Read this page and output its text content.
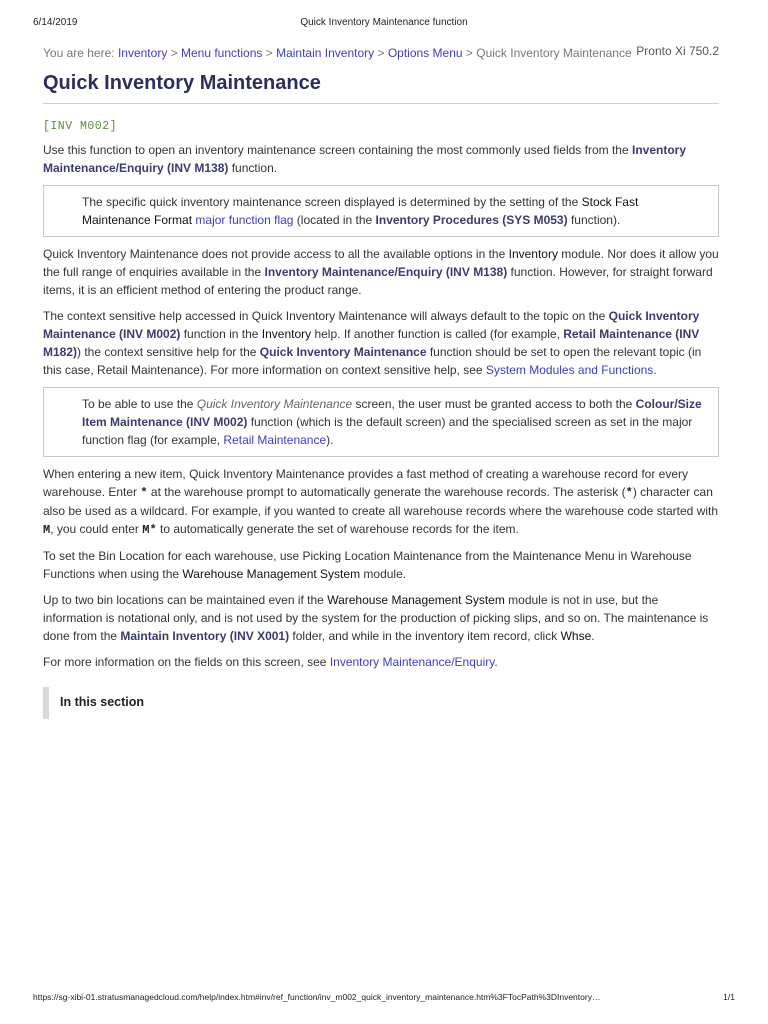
6/14/2019	Quick Inventory Maintenance function
You are here: Inventory > Menu functions > Maintain Inventory > Options Menu > Quick Inventory Maintenance Pronto Xi 750.2
Quick Inventory Maintenance
[INV M002]

Use this function to open an inventory maintenance screen containing the most commonly used fields from the Inventory Maintenance/Enquiry (INV M138) function.

The specific quick inventory maintenance screen displayed is determined by the setting of the Stock Fast Maintenance Format major function flag (located in the Inventory Procedures (SYS M053) function).

Quick Inventory Maintenance does not provide access to all the available options in the Inventory module. Nor does it allow you the full range of enquiries available in the Inventory Maintenance/Enquiry (INV M138) function. However, for straight forward items, it is an efficient method of entering the product range.

The context sensitive help accessed in Quick Inventory Maintenance will always default to the topic on the Quick Inventory Maintenance (INV M002) function in the Inventory help. If another function is called (for example, Retail Maintenance (INV M182)) the context sensitive help for the Quick Inventory Maintenance function should be set to open the relevant topic (in this case, Retail Maintenance). For more information on context sensitive help, see System Modules and Functions.

To be able to use the Quick Inventory Maintenance screen, the user must be granted access to both the Colour/Size Item Maintenance (INV M002) function (which is the default screen) and the specialised screen as set in the major function flag (for example, Retail Maintenance).

When entering a new item, Quick Inventory Maintenance provides a fast method of creating a warehouse record for every warehouse. Enter * at the warehouse prompt to automatically generate the warehouse records. The asterisk (*) character can also be used as a wildcard. For example, if you wanted to create all warehouse records where the warehouse code started with M, you could enter M* to automatically generate the set of warehouse records for the item.

To set the Bin Location for each warehouse, use Picking Location Maintenance from the Maintenance Menu in Warehouse Functions when using the Warehouse Management System module.

Up to two bin locations can be maintained even if the Warehouse Management System module is not in use, but the information is notational only, and is not used by the system for the production of picking slips, and so on. The maintenance is done from the Maintain Inventory (INV X001) folder, and while in the inventory item record, click Whse.

For more information on the fields on this screen, see Inventory Maintenance/Enquiry.

In this section
https://sg-xibi-01.stratusmanagedcloud.com/help/index.htm#inv/ref_function/inv_m002_quick_inventory_maintenance.htm%3FTocPath%3DInventory…	1/1
